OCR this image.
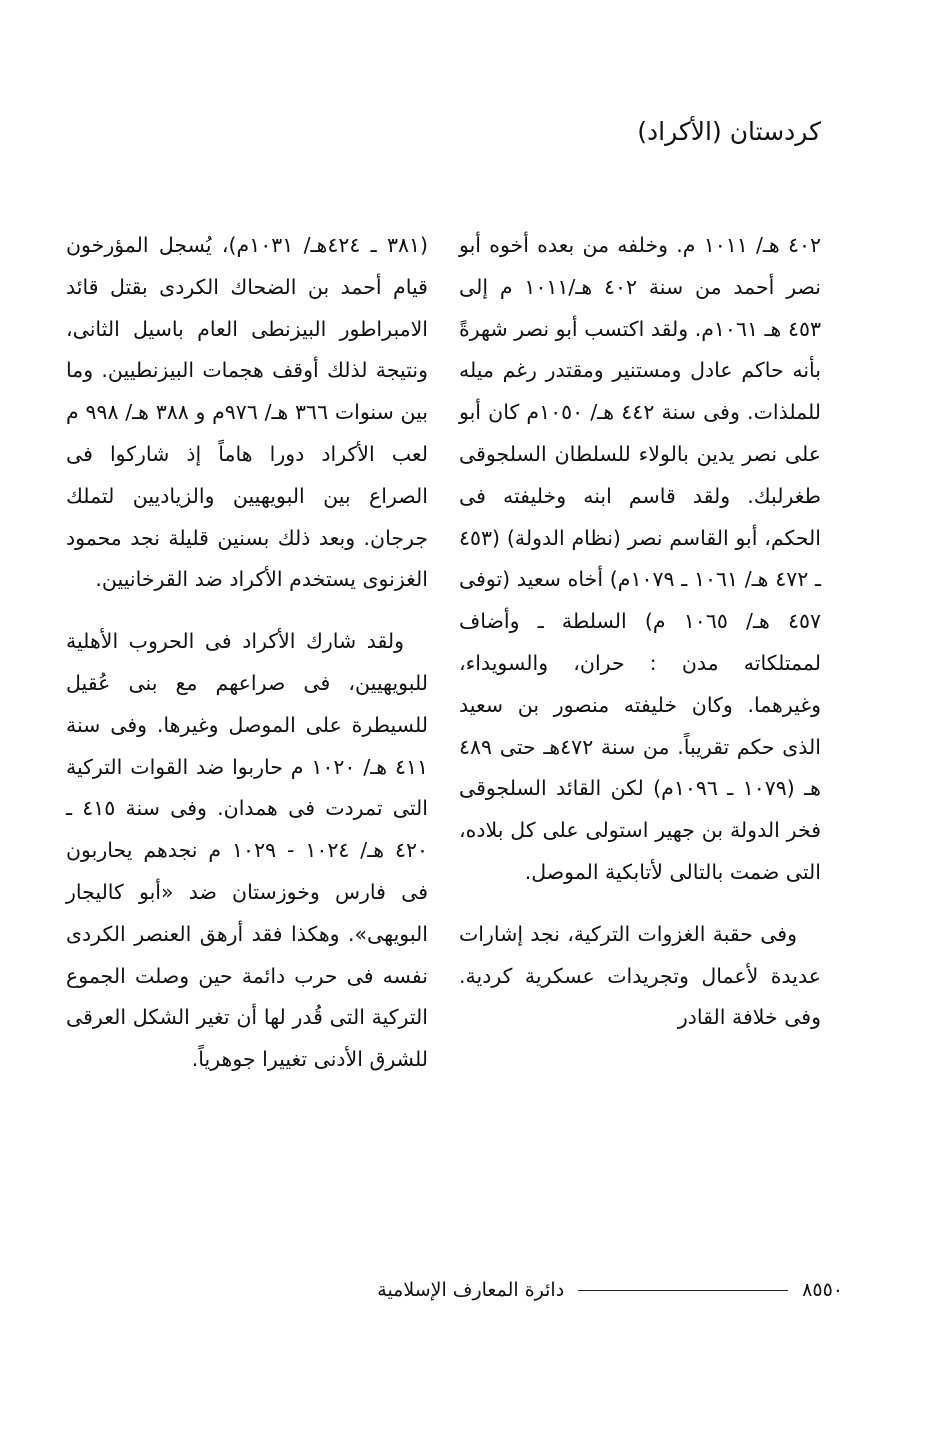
كردستان (الأكراد)

٤٠٢ هـ/ ١٠١١ م. وخلفه من بعده أخوه أبو نصر أحمد من سنة ٤٠٢ هـ/١٠١١ م إلى ٤٥٣ هـ ١٠٦١م. ولقد اكتسب أبو نصر شهرةً بأنه حاكم عادل ومستنير ومقتدر رغم ميله للملذات. وفى سنة ٤٤٢ هـ/ ١٠٥٠م كان أبو على نصر يدين بالولاء للسلطان السلجوقى طغرلبك. ولقد قاسم ابنه وخليفته فى الحكم، أبو القاسم نصر (نظام الدولة) (٤٥٣ ـ ٤٧٢ هـ/ ١٠٦١ ـ ١٠٧٩م) أخاه سعيد (توفى ٤٥٧ هـ/ ١٠٦٥ م) السلطة ـ وأضاف لممتلكاته مدن : حران، والسويداء، وغيرهما. وكان خليفته منصور بن سعيد الذى حكم تقريباً. من سنة ٤٧٢هـ حتى ٤٨٩ هـ (١٠٧٩ ـ ١٠٩٦م) لكن القائد السلجوقى فخر الدولة بن جهير استولى على كل بلاده، التى ضمت بالتالى لأتابكية الموصل.

وفى حقبة الغزوات التركية، نجد إشارات عديدة لأعمال وتجريدات عسكرية كردية. وفى خلافة القادر

(٣٨١ ـ ٤٢٤هـ/ ١٠٣١م)، يُسجل المؤرخون قيام أحمد بن الضحاك الكردى بقتل قائد الامبراطور البيزنطى العام باسيل الثانى، ونتيجة لذلك أوقف هجمات البيزنطيين. وما بين سنوات ٣٦٦ هـ/ ٩٧٦م و ٣٨٨ هـ/ ٩٩٨ م لعب الأكراد دورا هاماً إذ شاركوا فى الصراع بين البويهيين والزياديين لتملك جرجان. وبعد ذلك بسنين قليلة نجد محمود الغزنوى يستخدم الأكراد ضد القرخانيين.

ولقد شارك الأكراد فى الحروب الأهلية للبويهيين، فى صراعهم مع بنى عُقيل للسيطرة على الموصل وغيرها. وفى سنة ٤١١ هـ/ ١٠٢٠ م حاربوا ضد القوات التركية التى تمردت فى همدان. وفى سنة ٤١٥ ـ ٤٢٠ هـ/ ١٠٢٤ - ١٠٢٩ م نجدهم يحاربون فى فارس وخوزستان ضد «أبو كاليجار البويهى». وهكذا فقد أرهق العنصر الكردى نفسه فى حرب دائمة حين وصلت الجموع التركية التى قُدر لها أن تغير الشكل العرقى للشرق الأدنى تغييرا جوهرياً.

٨٥٥٠
دائرة المعارف الإسلامية
